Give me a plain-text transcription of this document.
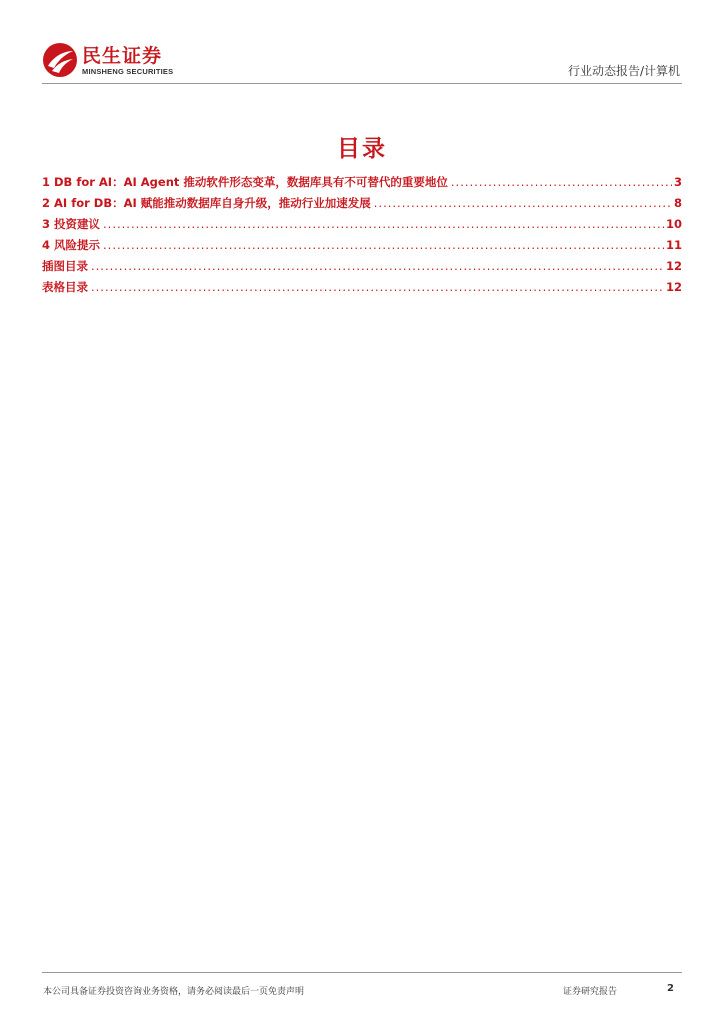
民生证券
MINSHENG SECURITIES	行业动态报告/计算机
目录
1 DB for AI：AI Agent 推动软件形态变革，数据库具有不可替代的重要地位 .....	3
2 AI for DB：AI 赋能推动数据库自身升级，推动行业加速发展 .....	8
3 投资建议 .....	10
4 风险提示 .....	11
插图目录 .....	12
表格目录 .....	12
本公司具备证券投资咨询业务资格，请务必阅读最后一页免责声明	证券研究报告	2
